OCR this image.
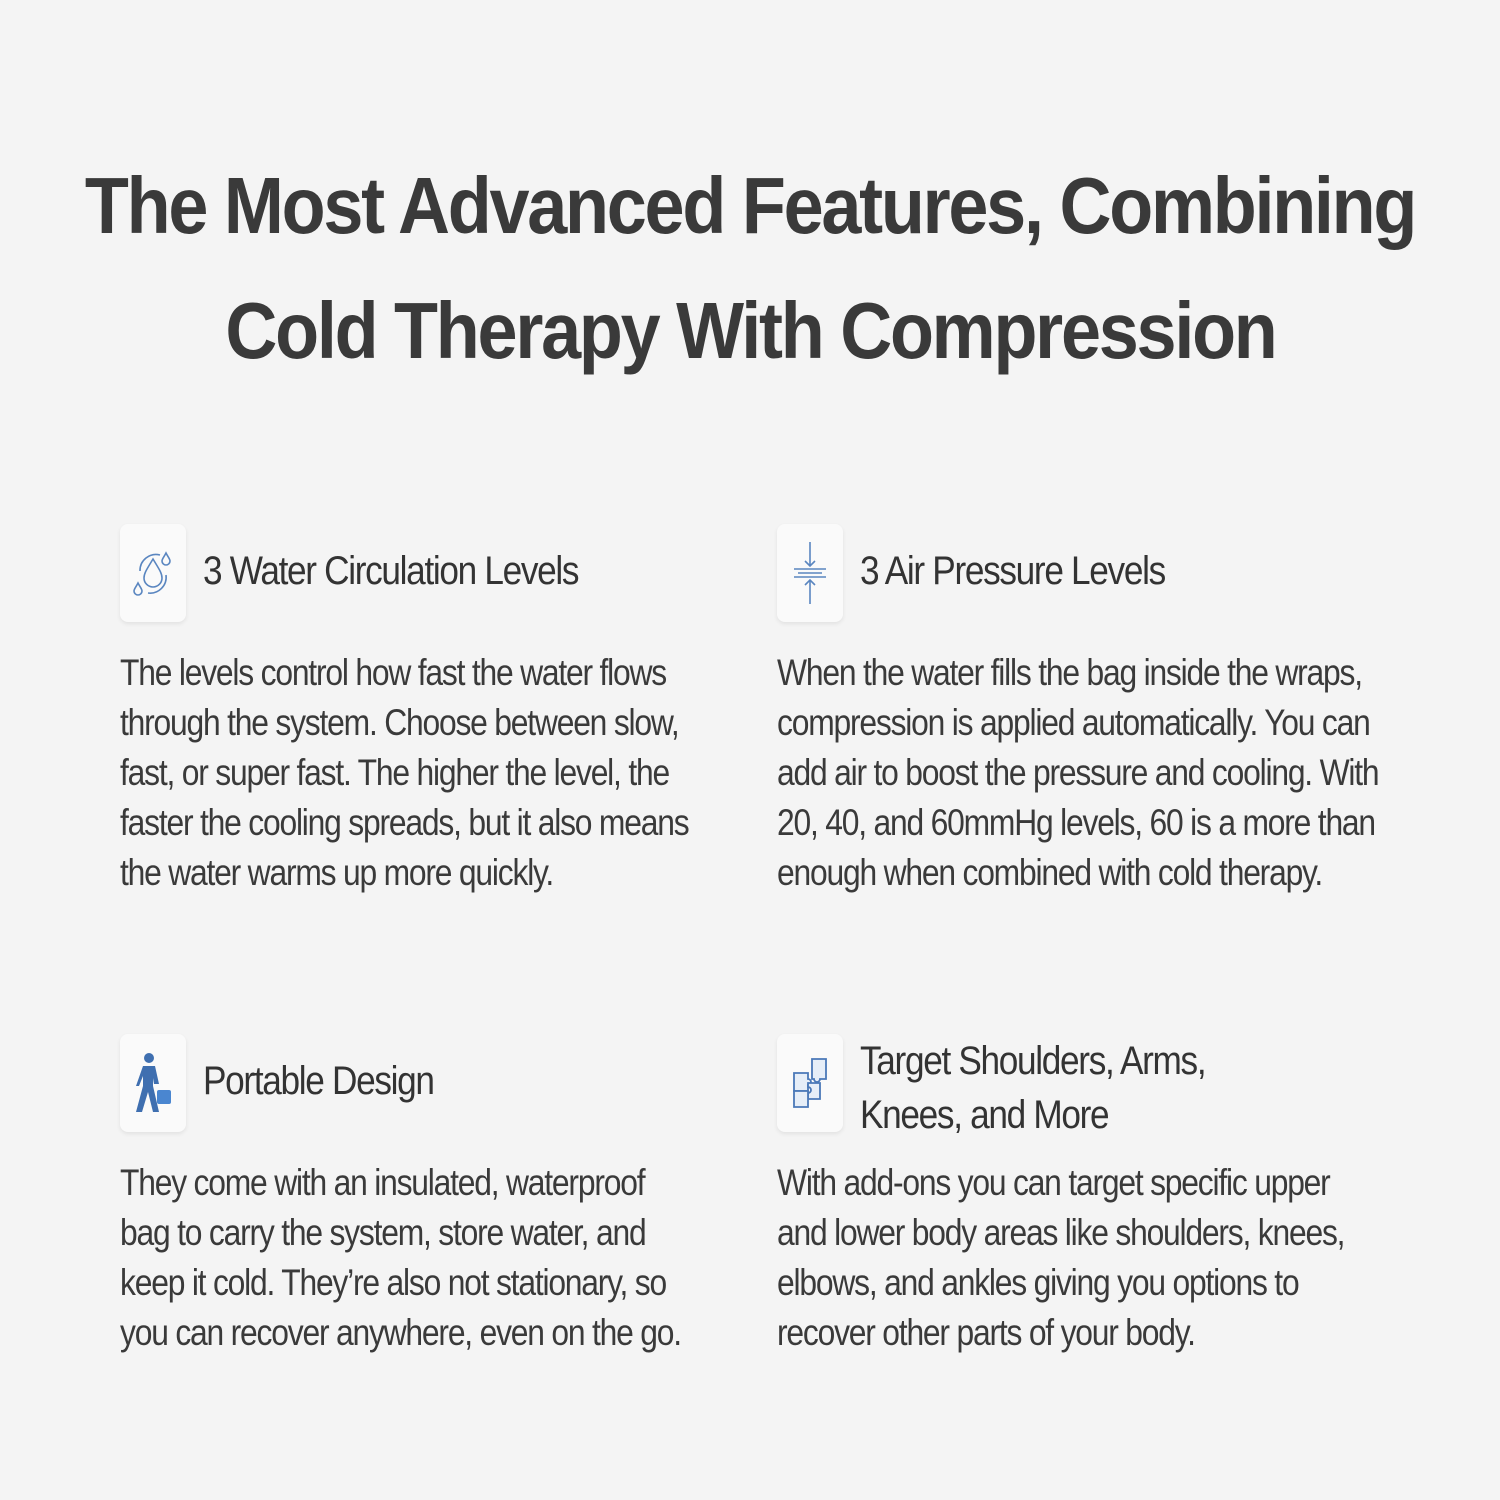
The Most Advanced Features, Combining
Cold Therapy With Compression
3 Water Circulation Levels
The levels control how fast the water flows
through the system. Choose between slow,
fast, or super fast. The higher the level, the
faster the cooling spreads, but it also means
the water warms up more quickly.
3 Air Pressure Levels
When the water fills the bag inside the wraps,
compression is applied automatically. You can
add air to boost the pressure and cooling. With
20, 40, and 60mmHg levels, 60 is a more than
enough when combined with cold therapy.
Portable Design
They come with an insulated, waterproof
bag to carry the system, store water, and
keep it cold. They’re also not stationary, so
you can recover anywhere, even on the go.
Target Shoulders, Arms,
Knees, and More
With add-ons you can target specific upper
and lower body areas like shoulders, knees,
elbows, and ankles giving you options to
recover other parts of your body.
